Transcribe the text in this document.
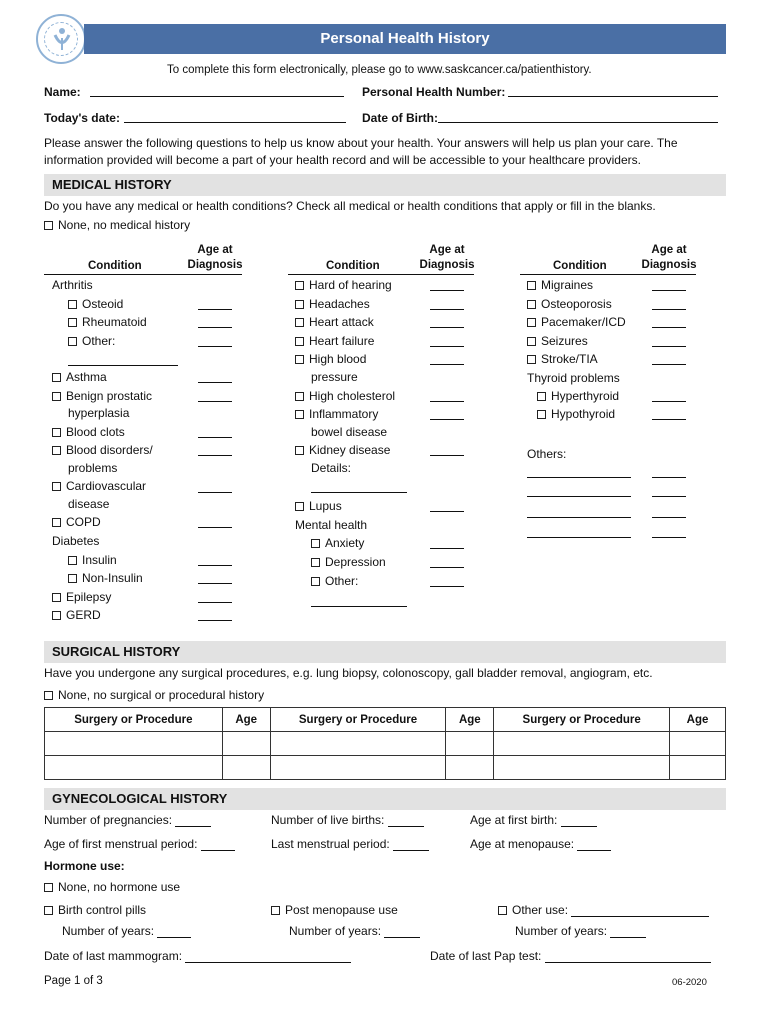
Personal Health History
To complete this form electronically, please go to www.saskcancer.ca/patienthistory.
Name:	Personal Health Number:
Today's date:	Date of Birth:
Please answer the following questions to help us know about your health. Your answers will help us plan your care. The
information provided will become a part of your health record and will be accessible to your healthcare providers.
MEDICAL HISTORY
Do you have any medical or health conditions? Check all medical or health conditions that apply or fill in the blanks.
None, no medical history
Condition
Age at
Diagnosis	Condition
Age at
Diagnosis	Condition
Age at
Diagnosis
Arthritis
Osteoid
Rheumatoid
Other:
Asthma
Benign prostatic
hyperplasia
Blood clots
Blood disorders/
problems
Cardiovascular
disease
COPD
Diabetes
Insulin
Non-Insulin
Epilepsy
GERD
Hard of hearing
Headaches
Heart attack
Heart failure
High blood
pressure
High cholesterol
Inflammatory
bowel disease
Kidney disease
Details:
Lupus
Mental health
Anxiety
Depression
Other:
Migraines
Osteoporosis
Pacemaker/ICD
Seizures
Stroke/TIA
Thyroid problems
Hyperthyroid
Hypothyroid
Others:
SURGICAL HISTORY
Have you undergone any surgical procedures, e.g. lung biopsy, colonoscopy, gall bladder removal, angiogram, etc.
None, no surgical or procedural history
Surgery or Procedure	Age	Surgery or Procedure	Age	Surgery or Procedure	Age

GYNECOLOGICAL HISTORY
Number of pregnancies:	Number of live births:	Age at first birth:
Age of first menstrual period:	Last menstrual period:	Age at menopause:
Hormone use:
None, no hormone use
Birth control pills	Post menopause use	Other use:
Number of years:	Number of years:	Number of years:
Date of last mammogram:	Date of last Pap test:
Page 1 of 3	06-2020
